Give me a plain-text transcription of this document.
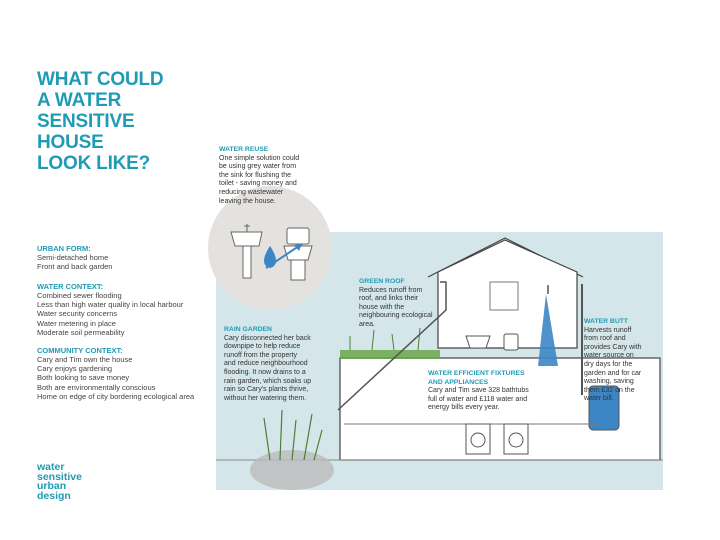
WHAT COULD
A WATER
SENSITIVE
HOUSE
LOOK LIKE?
URBAN FORM:
Semi-detached home
Front and back garden
WATER CONTEXT:
Combined sewer flooding
Less than high water quality in local harbour
Water security concerns
Water metering in place
Moderate soil permeability
COMMUNITY CONTEXT:
Cary and Tim own the house
Cary enjoys gardening
Both looking to save money
Both are environmentally conscious
Home on edge of city bordering ecological area
water
sensitive
urban
design
WATER REUSE
One simple solution could
be using grey water from
the sink for flushing the
toilet - saving money and
reducing wastewater
leaving the house.
GREEN ROOF
Reduces runoff from
roof, and links their
house with the
neighbouring ecological
area.
RAIN GARDEN
Cary disconnected her back
downpipe to help reduce
runoff from the property
and reduce neighbourhood
flooding. It now drains to a
rain garden, which soaks up
rain so Cary's plants thrive,
without her watering them.
WATER BUTT
Harvests runoff
from roof and
provides Cary with
water source on
dry days for the
garden and for car
washing, saving
them £32 on the
water bill.
WATER EFFICIENT FIXTURES
AND APPLIANCES
Cary and Tim save 328 bathtubs
full of water and £118 water and
energy bills every year.
